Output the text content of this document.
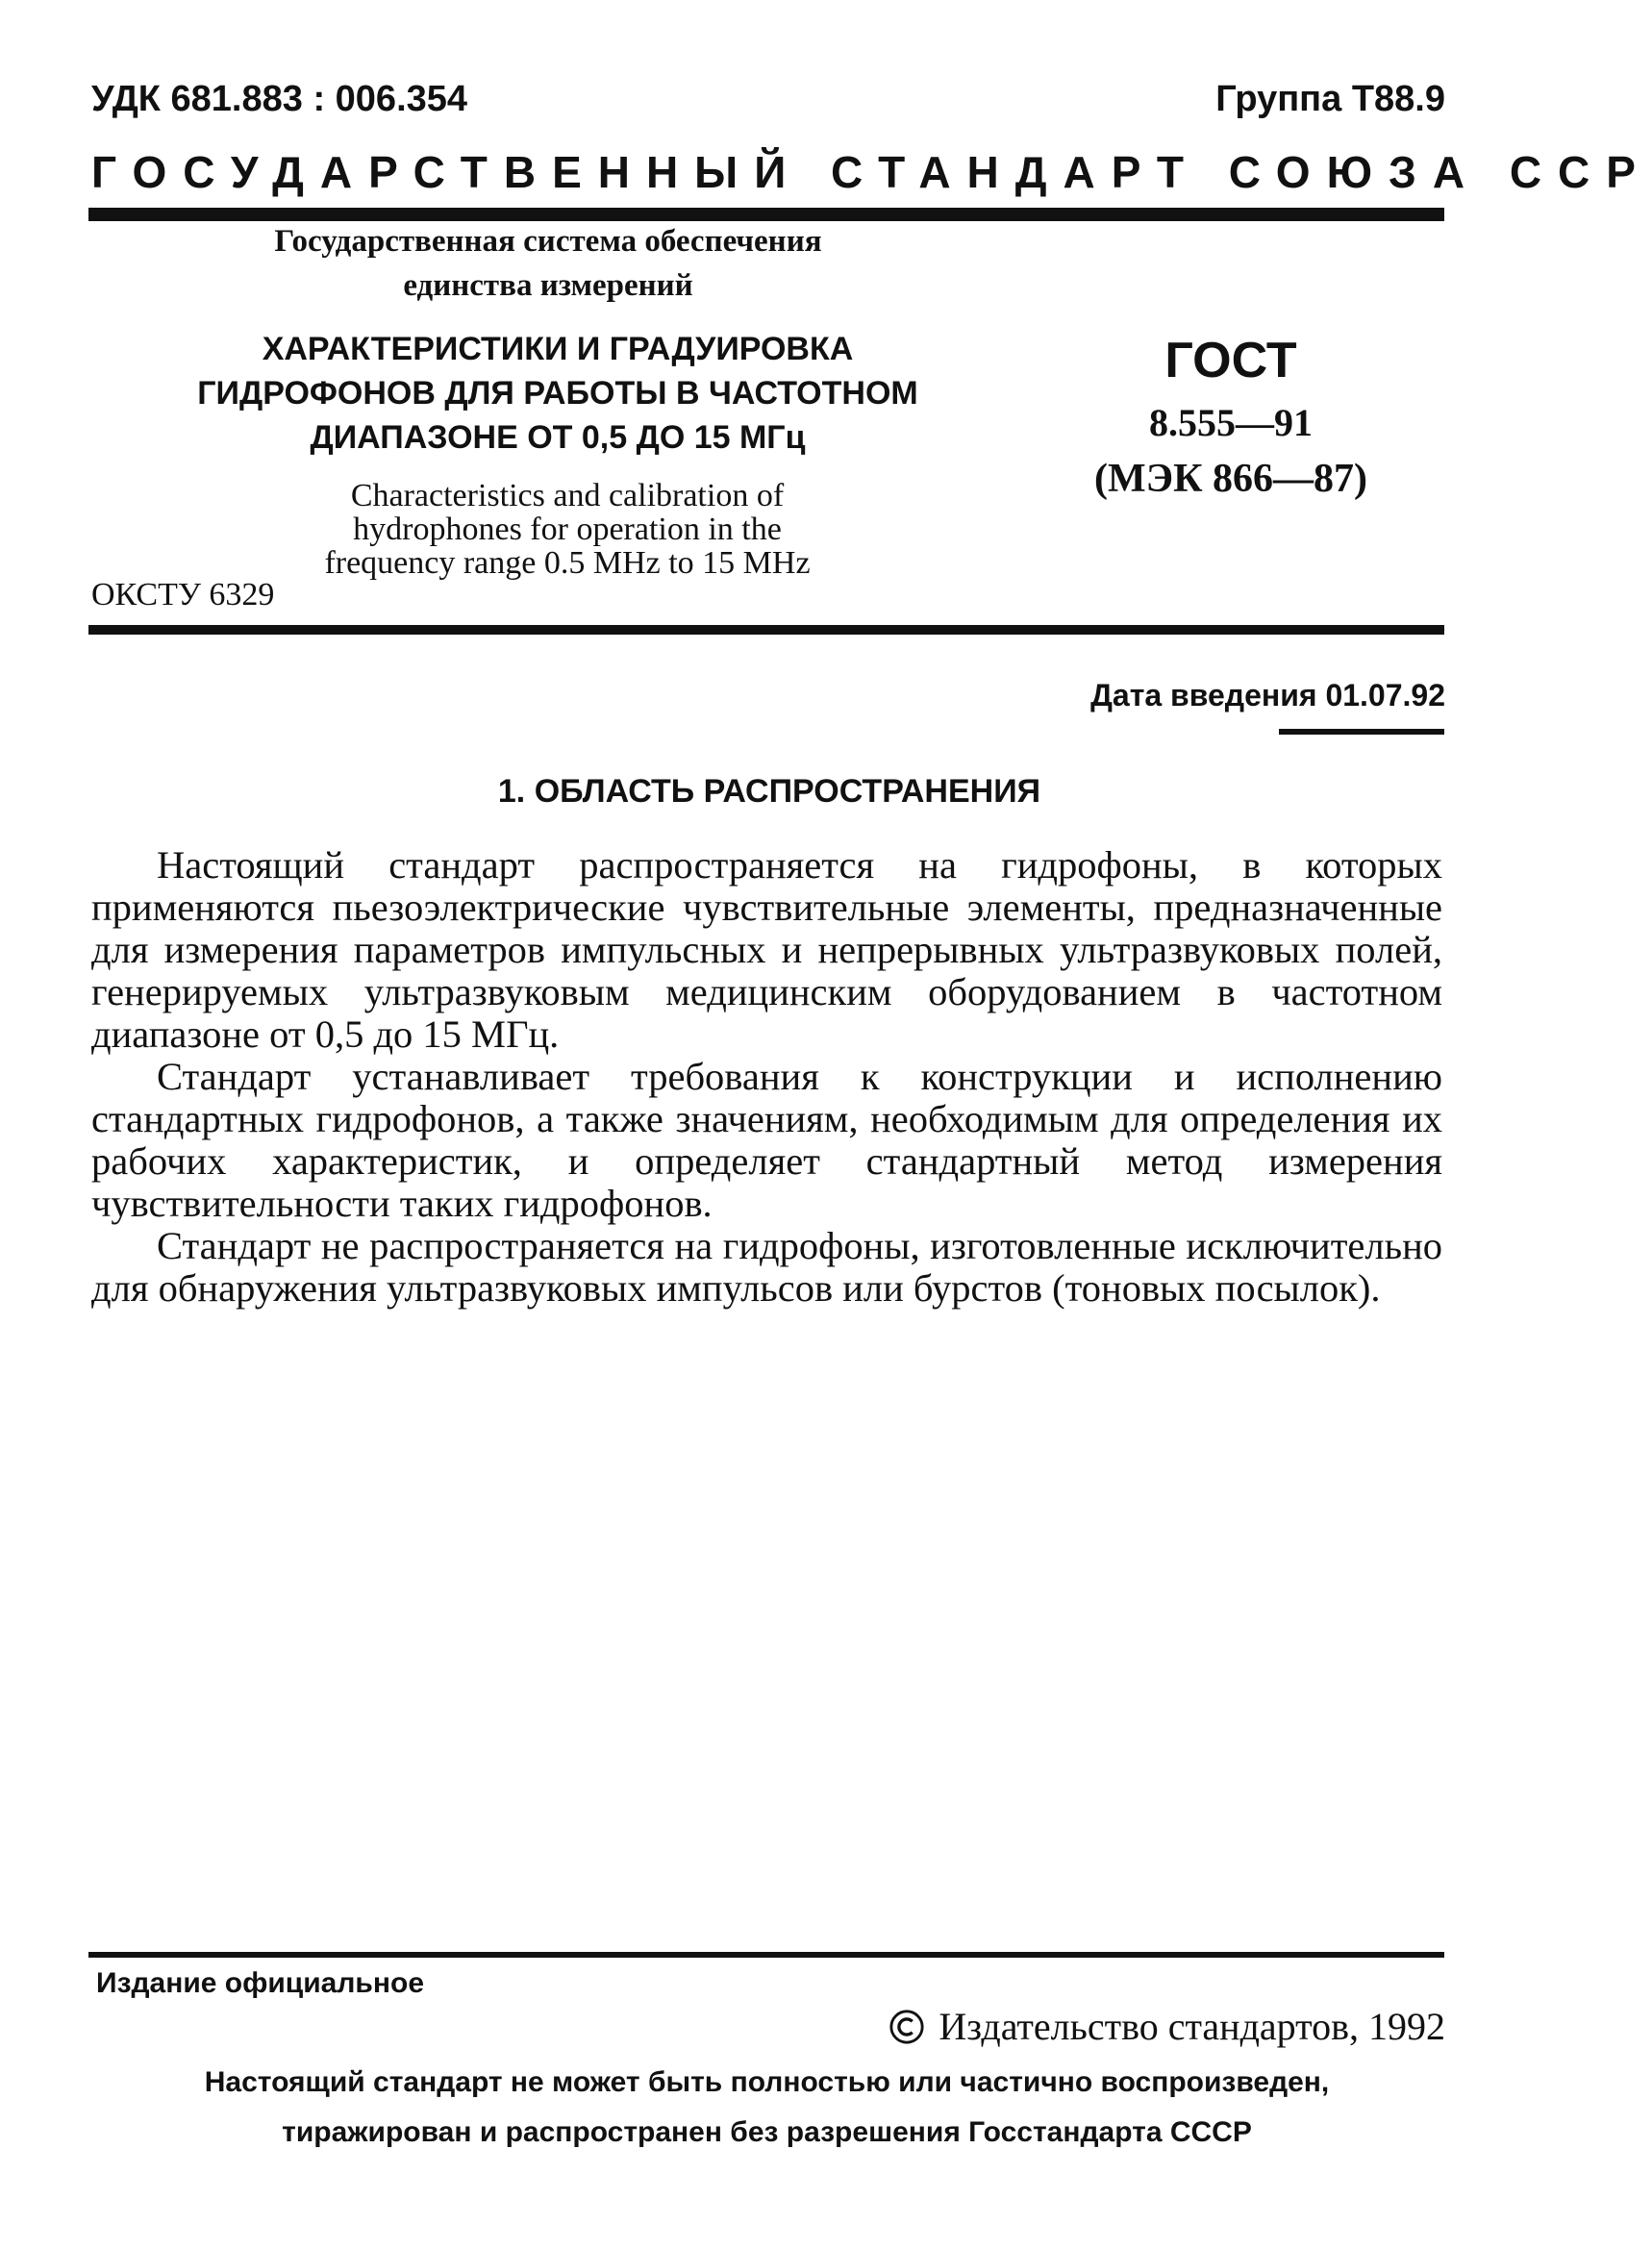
УДК 681.883 : 006.354	Группа Т88.9
ГОСУДАРСТВЕННЫЙ СТАНДАРТ СОЮЗА ССР
Государственная система обеспечения
единства измерений
ХАРАКТЕРИСТИКИ И ГРАДУИРОВКА
ГИДРОФОНОВ ДЛЯ РАБОТЫ В ЧАСТОТНОМ
ДИАПАЗОНЕ ОТ 0,5 ДО 15 МГц
Characteristics and calibration of
hydrophones for operation in the
frequency range 0.5 MHz to 15 MHz
ОКСТУ 6329
ГОСТ
8.555—91
(МЭК 866—87)
Дата введения 01.07.92
1. ОБЛАСТЬ РАСПРОСТРАНЕНИЯ

Настоящий стандарт распространяется на гидрофоны, в которых применяются пьезоэлектрические чувствительные элементы, предназначенные для измерения параметров импульсных и непрерывных ультразвуковых полей, генерируемых ультразвуковым медицинским оборудованием в частотном диапазоне от 0,5 до 15 МГц.

Стандарт устанавливает требования к конструкции и исполнению стандартных гидрофонов, а также значениям, необходимым для определения их рабочих характеристик, и определяет стандартный метод измерения чувствительности таких гидрофонов.

Стандарт не распространяется на гидрофоны, изготовленные исключительно для обнаружения ультразвуковых импульсов или бурстов (тоновых посылок).

Издание официальное
Издательство стандартов, 1992
Настоящий стандарт не может быть полностью или частично воспроизведен,
тиражирован и распространен без разрешения Госстандарта СССР
